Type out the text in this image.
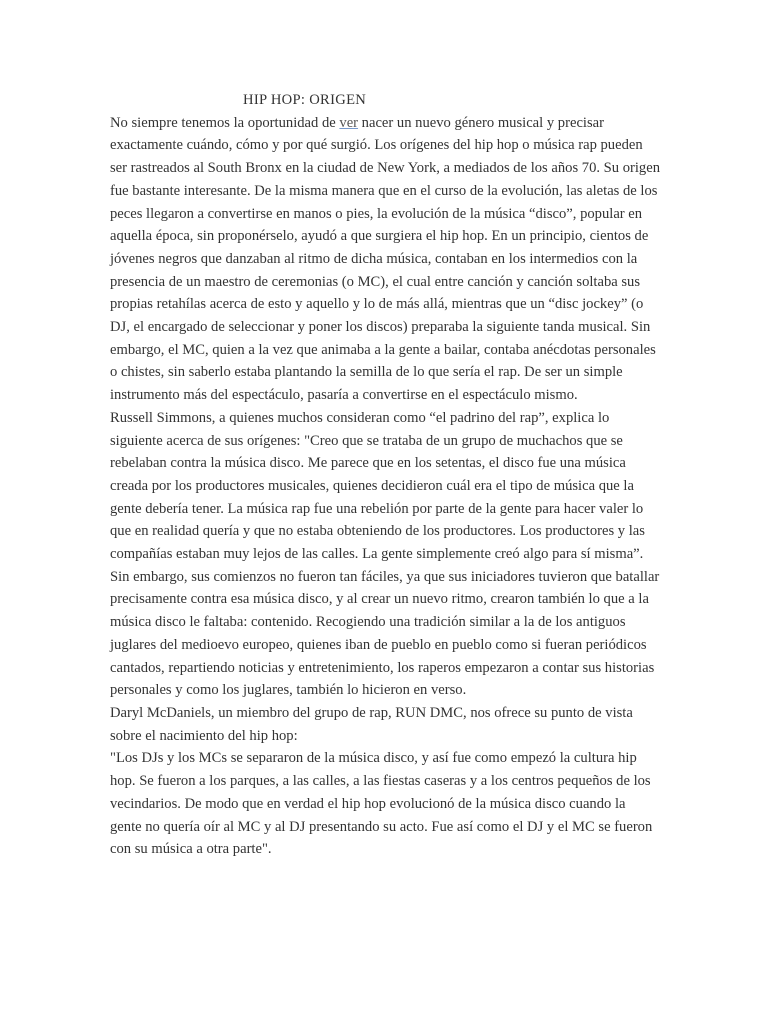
HIP HOP: ORIGEN

No siempre tenemos la oportunidad de ver nacer un nuevo género musical y precisar exactamente cuándo, cómo y por qué surgió. Los orígenes del hip hop o música rap pueden ser rastreados al South Bronx en la ciudad de New York, a mediados de los años 70. Su origen fue bastante interesante. De la misma manera que en el curso de la evolución, las aletas de los peces llegaron a convertirse en manos o pies, la evolución de la música “disco”, popular en aquella época, sin proponérselo, ayudó a que surgiera el hip hop. En un principio, cientos de jóvenes negros que danzaban al ritmo de dicha música, contaban en los intermedios con la presencia de un maestro de ceremonias (o MC), el cual entre canción y canción soltaba sus propias retahílas acerca de esto y aquello y lo de más allá, mientras que un “disc jockey” (o DJ, el encargado de seleccionar y poner los discos) preparaba la siguiente tanda musical. Sin embargo, el MC, quien a la vez que animaba a la gente a bailar, contaba anécdotas personales o chistes, sin saberlo estaba plantando la semilla de lo que sería el rap. De ser un simple instrumento más del espectáculo, pasaría a convertirse en el espectáculo mismo.

Russell Simmons, a quienes muchos consideran como “el padrino del rap”, explica lo siguiente acerca de sus orígenes: "Creo que se trataba de un grupo de muchachos que se rebelaban contra la música disco. Me parece que en los setentas, el disco fue una música creada por los productores musicales, quienes decidieron cuál era el tipo de música que la gente debería tener. La música rap fue una rebelión por parte de la gente para hacer valer lo que en realidad quería y que no estaba obteniendo de los productores. Los productores y las compañías estaban muy lejos de las calles. La gente simplemente creó algo para sí misma”.

Sin embargo, sus comienzos no fueron tan fáciles, ya que sus iniciadores tuvieron que batallar precisamente contra esa música disco, y al crear un nuevo ritmo, crearon también lo que a la música disco le faltaba: contenido. Recogiendo una tradición similar a la de los antiguos juglares del medioevo europeo, quienes iban de pueblo en pueblo como si fueran periódicos cantados, repartiendo noticias y entretenimiento, los raperos empezaron a contar sus historias personales y como los juglares, también lo hicieron en verso.

Daryl McDaniels, un miembro del grupo de rap, RUN DMC, nos ofrece su punto de vista sobre el nacimiento del hip hop:

"Los DJs y los MCs se separaron de la música disco, y así fue como empezó la cultura hip hop. Se fueron a los parques, a las calles, a las fiestas caseras y a los centros pequeños de los vecindarios. De modo que en verdad el hip hop evolucionó de la música disco cuando la gente no quería oír al MC y al DJ presentando su acto. Fue así como el DJ y el MC se fueron con su música a otra parte".
